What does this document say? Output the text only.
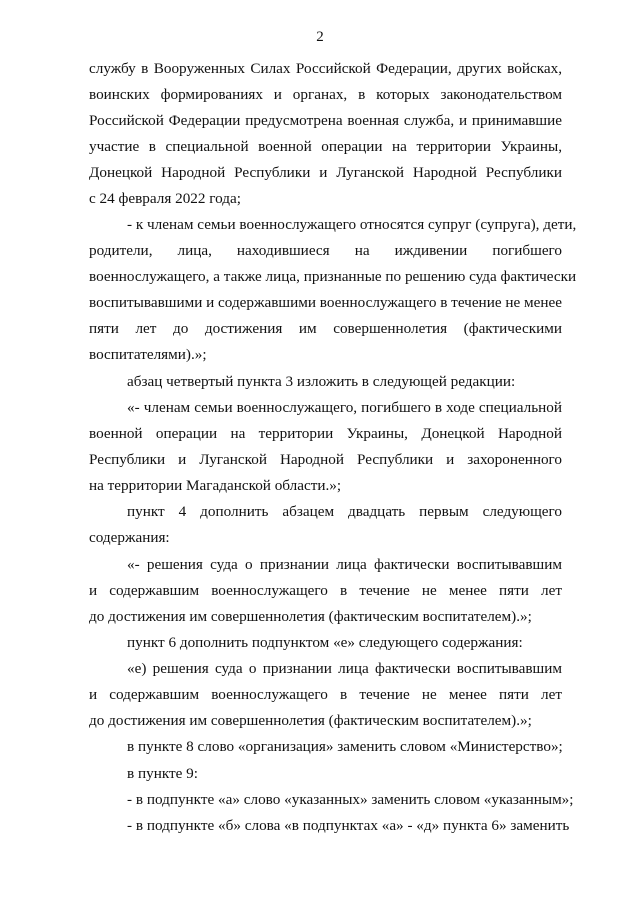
2
службу в Вооруженных Силах Российской Федерации, других войсках,
воинских формированиях и органах, в которых законодательством
Российской Федерации предусмотрена военная служба, и принимавшие
участие в специальной военной операции на территории Украины,
Донецкой Народной Республики и Луганской Народной Республики
с 24 февраля 2022 года;
- к членам семьи военнослужащего относятся супруг (супруга), дети,
родители, лица, находившиеся на иждивении погибшего
военнослужащего, а также лица, признанные по решению суда фактически
воспитывавшими и содержавшими военнослужащего в течение не менее
пяти лет до достижения им совершеннолетия (фактическими
воспитателями).»;
абзац четвертый пункта 3 изложить в следующей редакции:
«- членам семьи военнослужащего, погибшего в ходе специальной
военной операции на территории Украины, Донецкой Народной
Республики и Луганской Народной Республики и захороненного
на территории Магаданской области.»;
пункт 4 дополнить абзацем двадцать первым следующего
содержания:
«- решения суда о признании лица фактически воспитывавшим
и содержавшим военнослужащего в течение не менее пяти лет
до достижения им совершеннолетия (фактическим воспитателем).»;
пункт 6 дополнить подпунктом «е» следующего содержания:
«е) решения суда о признании лица фактически воспитывавшим
и содержавшим военнослужащего в течение не менее пяти лет
до достижения им совершеннолетия (фактическим воспитателем).»;
в пункте 8 слово «организация» заменить словом «Министерство»;
в пункте 9:
- в подпункте «а» слово «указанных» заменить словом «указанным»;
- в подпункте «б» слова «в подпунктах «а» - «д» пункта 6» заменить
